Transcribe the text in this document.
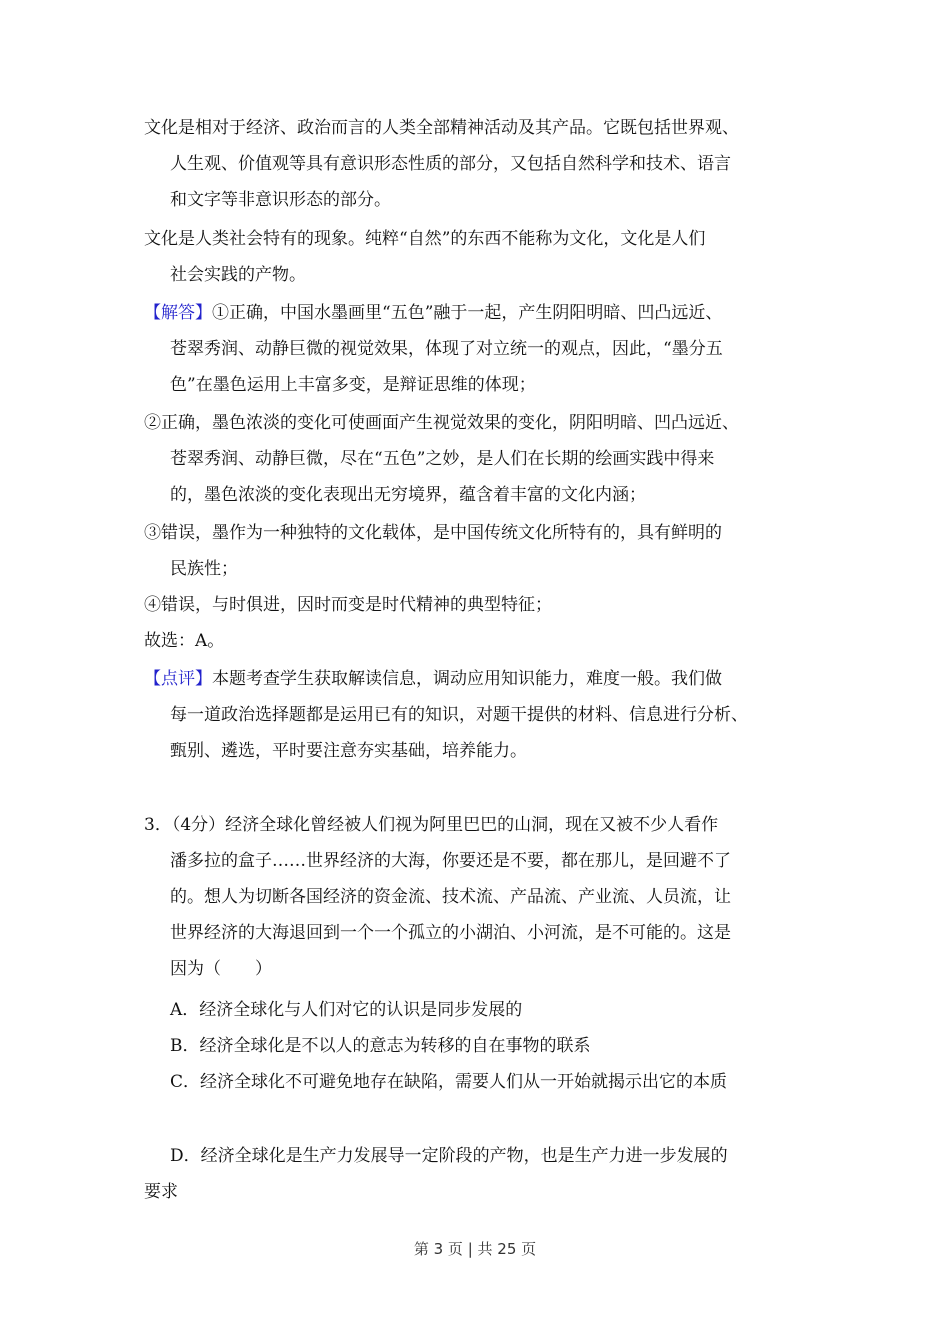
文化是相对于经济、政治而言的人类全部精神活动及其产品。它既包括世界观、
人生观、价值观等具有意识形态性质的部分，又包括自然科学和技术、语言
和文字等非意识形态的部分。
文化是人类社会特有的现象。纯粹“自然”的东西不能称为文化，文化是人们
社会实践的产物。
【解答】①正确，中国水墨画里“五色”融于一起，产生阴阳明暗、凹凸远近、
苍翠秀润、动静巨微的视觉效果，体现了对立统一的观点，因此，“墨分五
色”在墨色运用上丰富多变，是辩证思维的体现；
②正确，墨色浓淡的变化可使画面产生视觉效果的变化，阴阳明暗、凹凸远近、
苍翠秀润、动静巨微，尽在“五色”之妙，是人们在长期的绘画实践中得来
的，墨色浓淡的变化表现出无穷境界，蕴含着丰富的文化内涵；
③错误，墨作为一种独特的文化载体，是中国传统文化所特有的，具有鲜明的
民族性；
④错误，与时俱进，因时而变是时代精神的典型特征；
故选：A。
【点评】本题考查学生获取解读信息，调动应用知识能力，难度一般。我们做
每一道政治选择题都是运用已有的知识，对题干提供的材料、信息进行分析、
甄别、遴选，平时要注意夯实基础，培养能力。
3．（4分）经济全球化曾经被人们视为阿里巴巴的山洞，现在又被不少人看作
潘多拉的盒子……世界经济的大海，你要还是不要，都在那儿，是回避不了
的。想人为切断各国经济的资金流、技术流、产品流、产业流、人员流，让
世界经济的大海退回到一个一个孤立的小湖泊、小河流，是不可能的。这是
因为（　　）
A．经济全球化与人们对它的认识是同步发展的
B．经济全球化是不以人的意志为转移的自在事物的联系
C．经济全球化不可避免地存在缺陷，需要人们从一开始就揭示出它的本质
D．经济全球化是生产力发展导一定阶段的产物，也是生产力进一步发展的
要求
第 3 页 | 共 25 页
